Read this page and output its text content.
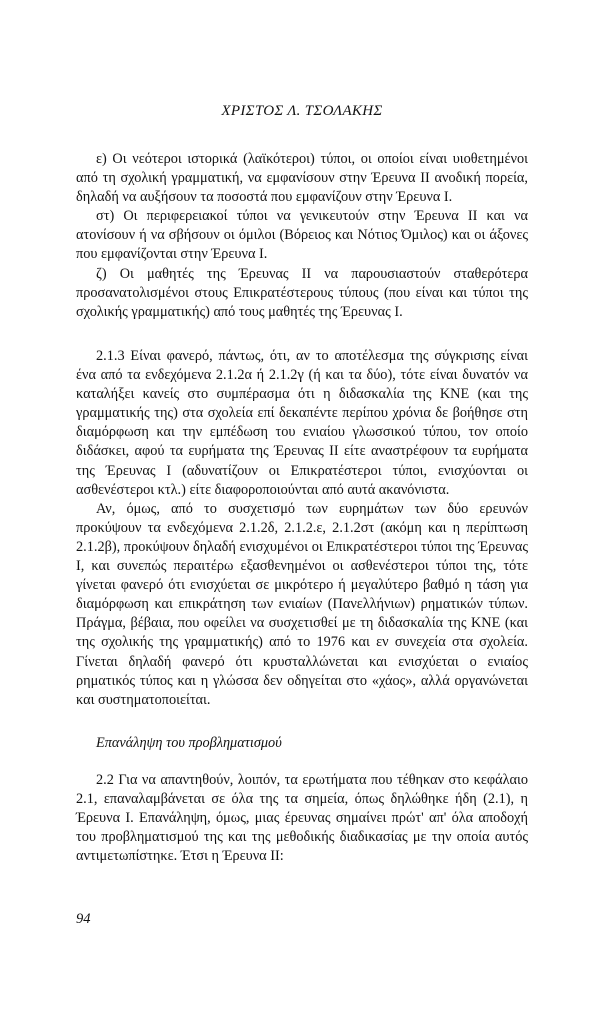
ΧΡΙΣΤΟΣ Λ. ΤΣΟΛΑΚΗΣ

ε) Οι νεότεροι ιστορικά (λαϊκότεροι) τύποι, οι οποίοι είναι υιοθετημένοι από τη σχολική γραμματική, να εμφανίσουν στην Έρευνα ΙΙ ανοδική πορεία, δηλαδή να αυξήσουν τα ποσοστά που εμφανίζουν στην Έρευνα Ι.

στ) Οι περιφερειακοί τύποι να γενικευτούν στην Έρευνα ΙΙ και να ατονίσουν ή να σβήσουν οι όμιλοι (Βόρειος και Νότιος Όμιλος) και οι άξονες που εμφανίζονται στην Έρευνα Ι.

ζ) Οι μαθητές της Έρευνας ΙΙ να παρουσιαστούν σταθερότερα προσανατολισμένοι στους Επικρατέστερους τύπους (που είναι και τύποι της σχολικής γραμματικής) από τους μαθητές της Έρευνας Ι.

2.1.3 Είναι φανερό, πάντως, ότι, αν το αποτέλεσμα της σύγκρισης είναι ένα από τα ενδεχόμενα 2.1.2α ή 2.1.2γ (ή και τα δύο), τότε είναι δυνατόν να καταλήξει κανείς στο συμπέρασμα ότι η διδασκαλία της ΚΝΕ (και της γραμματικής της) στα σχολεία επί δεκαπέντε περίπου χρόνια δε βοήθησε στη διαμόρφωση και την εμπέδωση του ενιαίου γλωσσικού τύπου, τον οποίο διδάσκει, αφού τα ευρήματα της Έρευνας ΙΙ είτε αναστρέφουν τα ευρήματα της Έρευνας Ι (αδυνατίζουν οι Επικρατέστεροι τύποι, ενισχύονται οι ασθενέστεροι κτλ.) είτε διαφοροποιούνται από αυτά ακανόνιστα.

Αν, όμως, από το συσχετισμό των ευρημάτων των δύο ερευνών προκύψουν τα ενδεχόμενα 2.1.2δ, 2.1.2.ε, 2.1.2στ (ακόμη και η περίπτωση 2.1.2β), προκύψουν δηλαδή ενισχυμένοι οι Επικρατέστεροι τύποι της Έρευνας Ι, και συνεπώς περαιτέρω εξασθενημένοι οι ασθενέστεροι τύποι της, τότε γίνεται φανερό ότι ενισχύεται σε μικρότερο ή μεγαλύτερο βαθμό η τάση για διαμόρφωση και επικράτηση των ενιαίων (Πανελλήνιων) ρηματικών τύπων. Πράγμα, βέβαια, που οφείλει να συσχετισθεί με τη διδασκαλία της ΚΝΕ (και της σχολικής της γραμματικής) από το 1976 και εν συνεχεία στα σχολεία. Γίνεται δηλαδή φανερό ότι κρυσταλλώνεται και ενισχύεται ο ενιαίος ρηματικός τύπος και η γλώσσα δεν οδηγείται στο «χάος», αλλά οργανώνεται και συστηματοποιείται.

Επανάληψη του προβληματισμού

2.2 Για να απαντηθούν, λοιπόν, τα ερωτήματα που τέθηκαν στο κεφάλαιο 2.1, επαναλαμβάνεται σε όλα της τα σημεία, όπως δηλώθηκε ήδη (2.1), η Έρευνα Ι. Επανάληψη, όμως, μιας έρευνας σημαίνει πρώτ' απ' όλα αποδοχή του προβληματισμού της και της μεθοδικής διαδικασίας με την οποία αυτός αντιμετωπίστηκε. Έτσι η Έρευνα ΙΙ:

94
